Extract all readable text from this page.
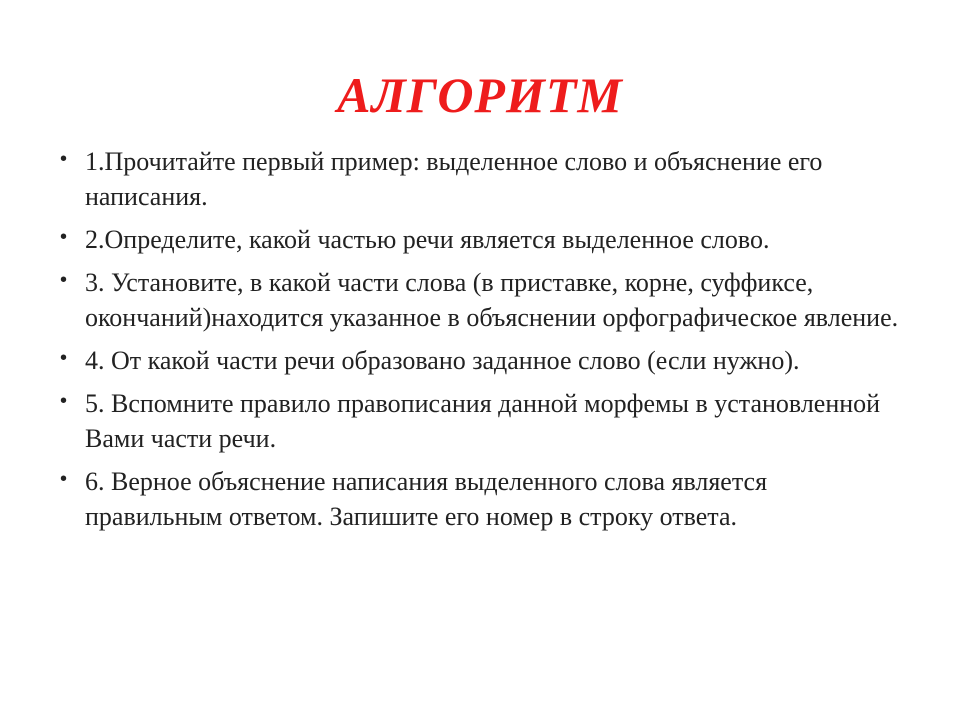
АЛГОРИТМ
• 1.Прочитайте первый пример: выделенное слово и объяснение его написания.
• 2.Определите, какой частью речи является выделенное слово.
• 3. Установите, в какой части слова (в приставке, корне, суффиксе, окончаний)находится указанное в объяснении орфографическое явление.
• 4. От какой части речи образовано заданное слово (если нужно).
• 5. Вспомните правило правописания данной морфемы в установленной Вами части речи.
• 6. Верное объяснение написания выделенного слова является правильным ответом. Запишите его номер в строку ответа.
